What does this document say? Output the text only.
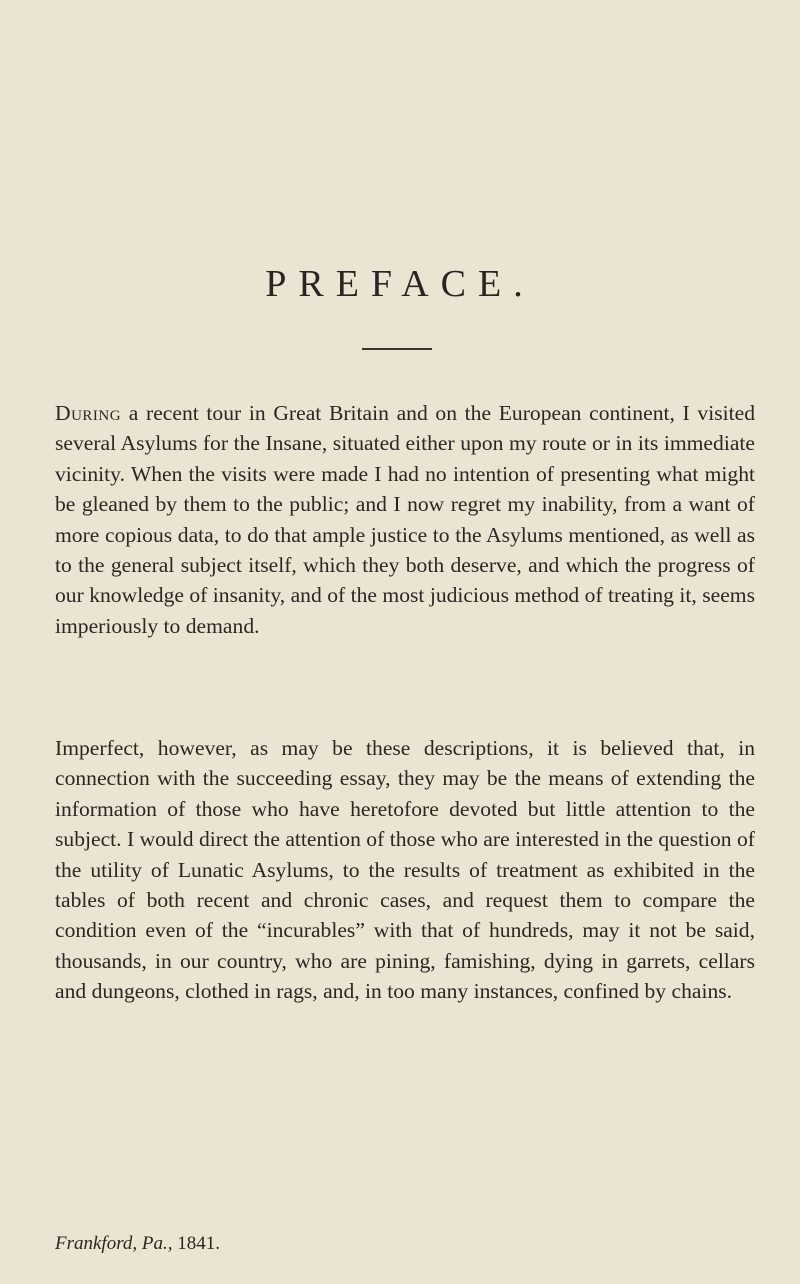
PREFACE.

During a recent tour in Great Britain and on the European continent, I visited several Asylums for the Insane, situated either upon my route or in its immediate vicinity. When the visits were made I had no intention of presenting what might be gleaned by them to the public; and I now regret my inability, from a want of more copious data, to do that ample justice to the Asylums mentioned, as well as to the general subject itself, which they both deserve, and which the progress of our knowledge of insanity, and of the most judicious method of treating it, seems imperiously to demand.

Imperfect, however, as may be these descriptions, it is believed that, in connection with the succeeding essay, they may be the means of extending the information of those who have heretofore devoted but little attention to the subject. I would direct the attention of those who are interested in the question of the utility of Lunatic Asylums, to the results of treatment as exhibited in the tables of both recent and chronic cases, and request them to compare the condition even of the “incurables” with that of hundreds, may it not be said, thousands, in our country, who are pining, famishing, dying in garrets, cellars and dungeons, clothed in rags, and, in too many instances, confined by chains.

Frankford, Pa., 1841.
